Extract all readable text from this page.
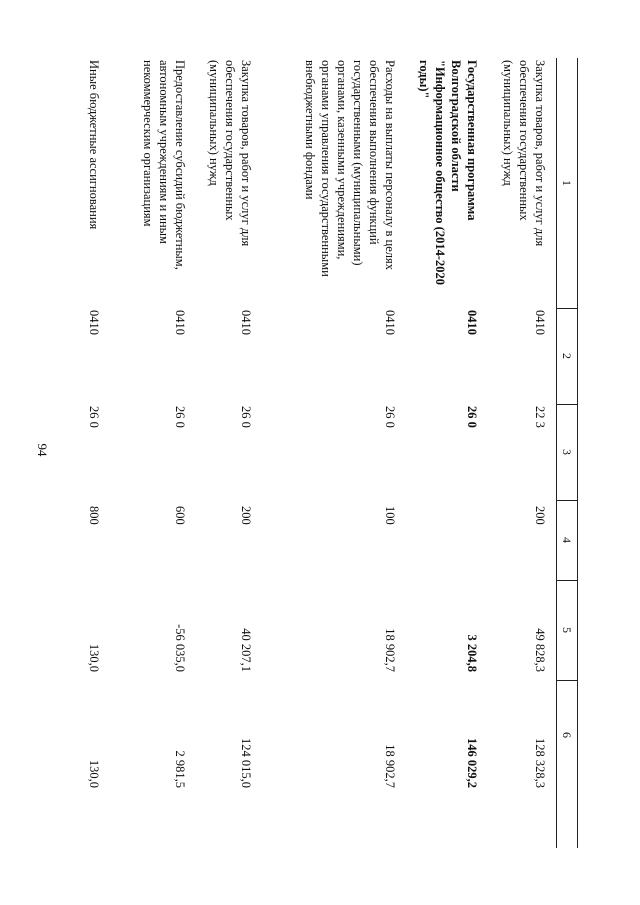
94
1
2
3
4
5
6
Закупка товаров, работ и услуг для обеспечения государственных (муниципальных) нужд
0410
22 3
200
49 828,3
128 328,3
Государственная программа Волгоградской области "Информационное общество (2014-2020 годы)"
0410
26 0
3 204,8
146 029,2
Расходы на выплаты персоналу в целях обеспечения выполнения функций государственными (муниципальными) органами, казенными учреждениями, органами управления государственными внебюджетными фондами
0410
26 0
100
18 902,7
18 902,7
Закупка товаров, работ и услуг для обеспечения государственных (муниципальных) нужд
0410
26 0
200
40 207,1
124 015,0
Предоставление субсидий бюджетным, автономным учреждениям и иным некоммерческим организациям
0410
26 0
600
-56 035,0
2 981,5
Иные бюджетные ассигнования
0410
26 0
800
130,0
130,0
